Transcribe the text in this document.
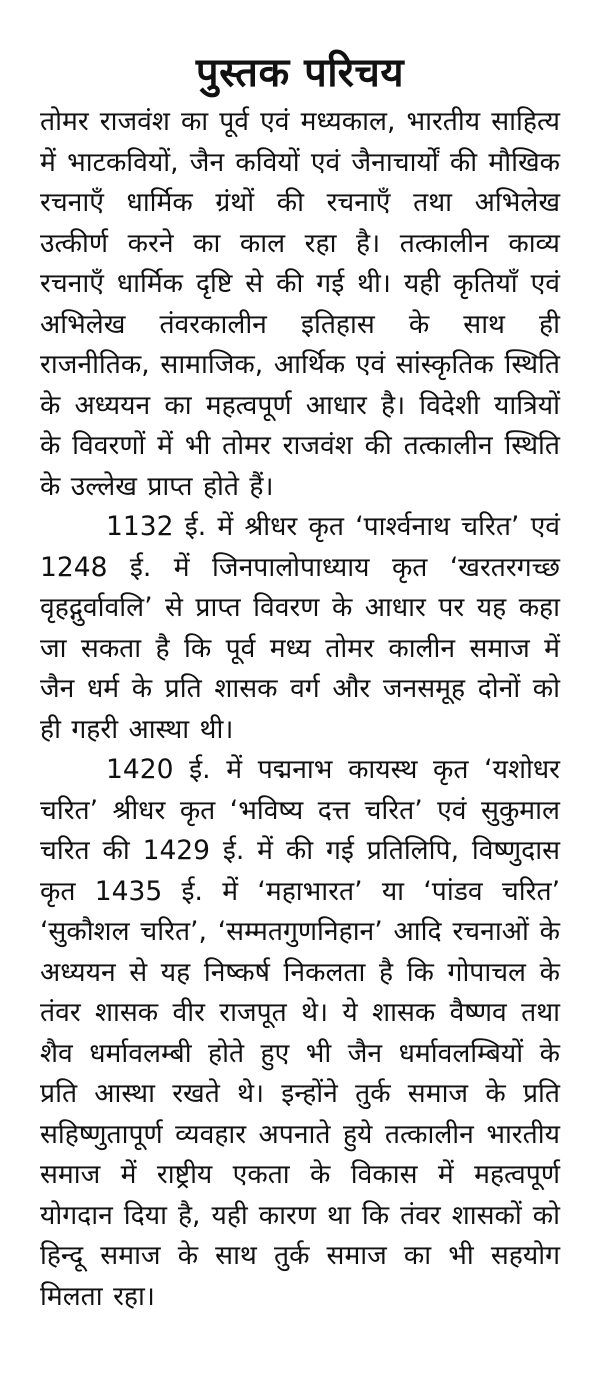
पुस्तक परिचय

तोमर राजवंश का पूर्व एवं मध्यकाल, भारतीय साहित्य में भाटकवियों, जैन कवियों एवं जैनाचार्यों की मौखिक रचनाएँ धार्मिक ग्रंथों की रचनाएँ तथा अभिलेख उत्कीर्ण करने का काल रहा है। तत्कालीन काव्य रचनाएँ धार्मिक दृष्टि से की गई थी। यही कृतियाँ एवं अभिलेख तंवरकालीन इतिहास के साथ ही राजनीतिक, सामाजिक, आर्थिक एवं सांस्कृतिक स्थिति के अध्ययन का महत्वपूर्ण आधार है। विदेशी यात्रियों के विवरणों में भी तोमर राजवंश की तत्कालीन स्थिति के उल्लेख प्राप्त होते हैं।

1132 ई. में श्रीधर कृत ‘पार्श्वनाथ चरित’ एवं 1248 ई. में जिनपालोपाध्याय कृत ‘खरतरगच्छ वृहद्गुर्वावलि’ से प्राप्त विवरण के आधार पर यह कहा जा सकता है कि पूर्व मध्य तोमर कालीन समाज में जैन धर्म के प्रति शासक वर्ग और जनसमूह दोनों को ही गहरी आस्था थी।

1420 ई. में पद्मनाभ कायस्थ कृत ‘यशोधर चरित’ श्रीधर कृत ‘भविष्य दत्त चरित’ एवं सुकुमाल चरित की 1429 ई. में की गई प्रतिलिपि, विष्णुदास कृत 1435 ई. में ‘महाभारत’ या ‘पांडव चरित’ ‘सुकौशल चरित’, ‘सम्मतगुणनिहान’ आदि रचनाओं के अध्ययन से यह निष्कर्ष निकलता है कि गोपाचल के तंवर शासक वीर राजपूत थे। ये शासक वैष्णव तथा शैव धर्मावलम्बी होते हुए भी जैन धर्मावलम्बियों के प्रति आस्था रखते थे। इन्होंने तुर्क समाज के प्रति सहिष्णुतापूर्ण व्यवहार अपनाते हुये तत्कालीन भारतीय समाज में राष्ट्रीय एकता के विकास में महत्वपूर्ण योगदान दिया है, यही कारण था कि तंवर शासकों को हिन्दू समाज के साथ तुर्क समाज का भी सहयोग मिलता रहा।
